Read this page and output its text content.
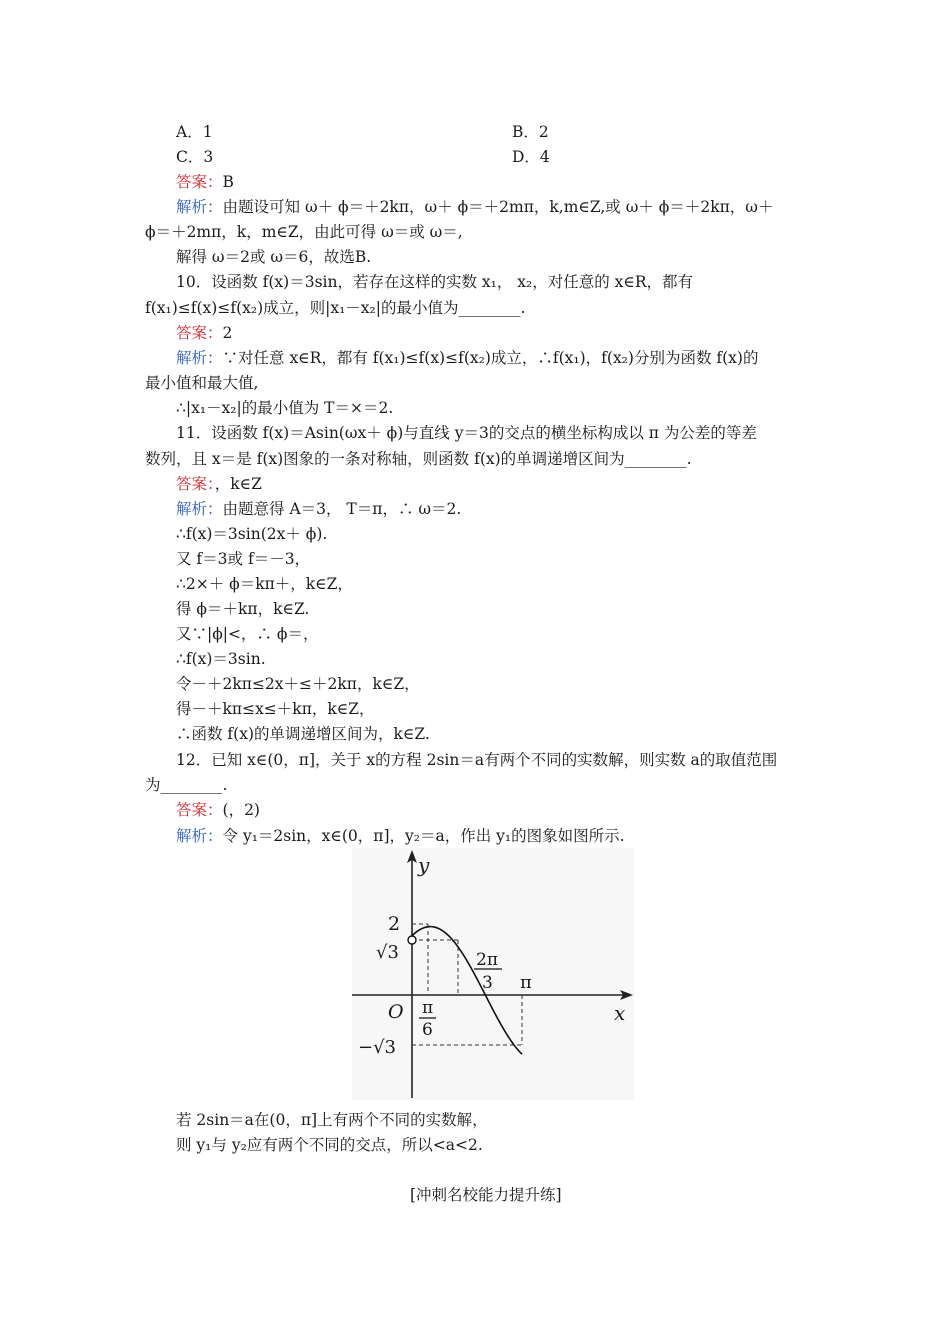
A．1	B．2
C．3	D．4
答案：B
解析：由题设可知 ω＋ ϕ＝＋2kπ，ω＋ ϕ＝＋2mπ，k,m∈Z,或 ω＋ ϕ＝＋2kπ，ω＋
ϕ＝＋2mπ，k，m∈Z，由此可得 ω＝或 ω＝,
解得 ω＝2或 ω＝6，故选B.
10．设函数 f(x)＝3sin，若存在这样的实数 x₁， x₂，对任意的 x∈R，都有
f(x₁)≤f(x)≤f(x₂)成立，则|x₁－x₂|的最小值为________.
答案：2
解析：∵对任意 x∈R，都有 f(x₁)≤f(x)≤f(x₂)成立，∴f(x₁)，f(x₂)分别为函数 f(x)的
最小值和最大值,
∴|x₁－x₂|的最小值为 T＝×＝2.
11．设函数 f(x)＝Asin(ωx＋ ϕ)与直线 y＝3的交点的横坐标构成以 π 为公差的等差
数列，且 x＝是 f(x)图象的一条对称轴，则函数 f(x)的单调递增区间为________.
答案：，k∈Z
解析：由题意得 A＝3， T＝π，∴ ω＝2.
∴f(x)＝3sin(2x＋ ϕ).
又 f＝3或 f＝－3，
∴2×＋ ϕ＝kπ＋，k∈Z，
得 ϕ＝＋kπ，k∈Z.
又∵|ϕ|<，∴ ϕ＝，
∴f(x)＝3sin.
令－＋2kπ≤2x＋≤＋2kπ，k∈Z，
得－＋kπ≤x≤＋kπ，k∈Z，
∴函数 f(x)的单调递增区间为，k∈Z.
12．已知 x∈(0，π]，关于 x的方程 2sin＝a有两个不同的实数解，则实数 a的取值范围
为________.
答案：(，2)
解析：令 y₁＝2sin，x∈(0，π]，y₂＝a，作出 y₁的图象如图所示.
y
x
O
2
√3
−√3
π
6
2π
3 π
若 2sin＝a在(0，π]上有两个不同的实数解，
则 y₁与 y₂应有两个不同的交点，所以<a<2.
[冲刺名校能力提升练]
